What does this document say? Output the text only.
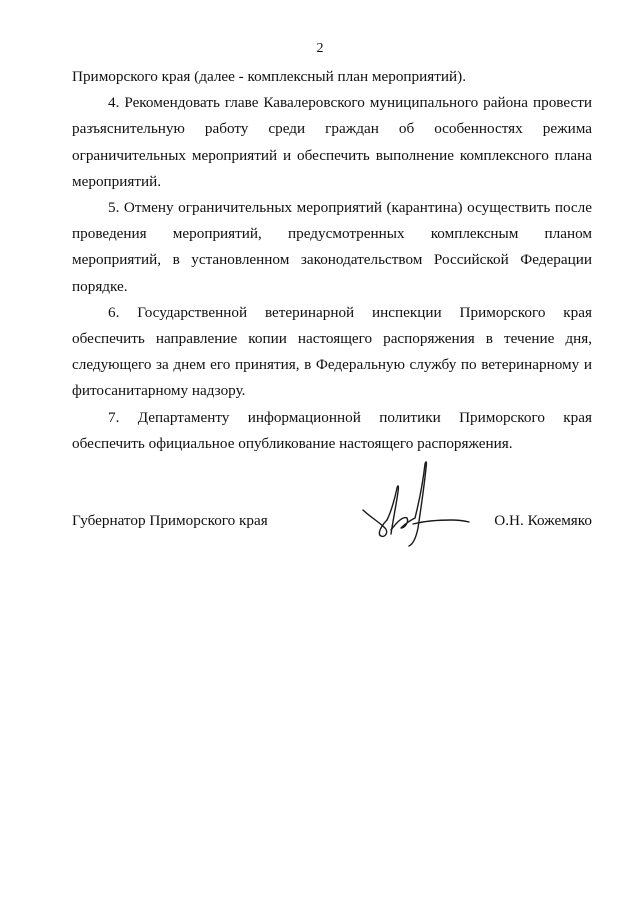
2

Приморского края (далее - комплексный план мероприятий).

4. Рекомендовать главе Кавалеровского муниципального района провести разъяснительную работу среди граждан об особенностях режима ограничительных мероприятий и обеспечить выполнение комплексного плана мероприятий.

5. Отмену ограничительных мероприятий (карантина) осуществить после проведения мероприятий, предусмотренных комплексным планом мероприятий, в установленном законодательством Российской Федерации порядке.

6. Государственной ветеринарной инспекции Приморского края обеспечить направление копии настоящего распоряжения в течение дня, следующего за днем его принятия, в Федеральную службу по ветеринарному и фитосанитарному надзору.

7. Департаменту информационной политики Приморского края обеспечить официальное опубликование настоящего распоряжения.

Губернатор Приморского края	О.Н. Кожемяко
